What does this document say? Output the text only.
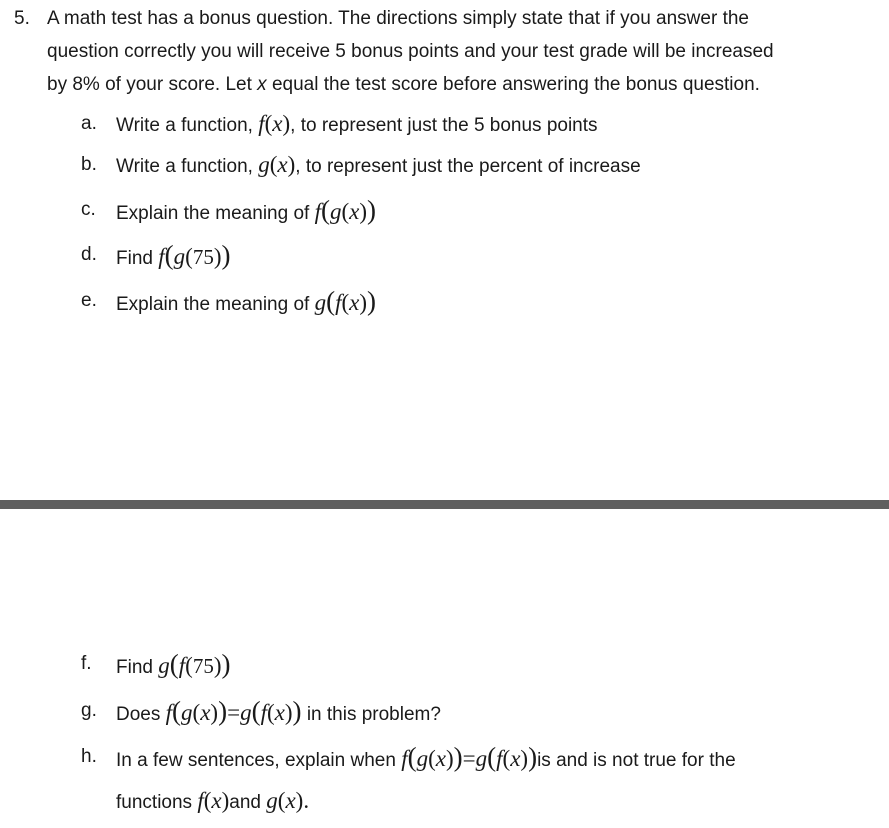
5. A math test has a bonus question. The directions simply state that if you answer the
question correctly you will receive 5 bonus points and your test grade will be increased
by 8% of your score. Let x equal the test score before answering the bonus question.
a. Write a function, f(x), to represent just the 5 bonus points
b. Write a function, g(x), to represent just the percent of increase
c. Explain the meaning of f(g(x))
d. Find f(g(75))
e. Explain the meaning of g(f(x))
f. Find g(f(75))
g. Does f(g(x))=g(f(x)) in this problem?
h. In a few sentences, explain when f(g(x))=g(f(x))is and is not true for the
functions f(x)and g(x).
